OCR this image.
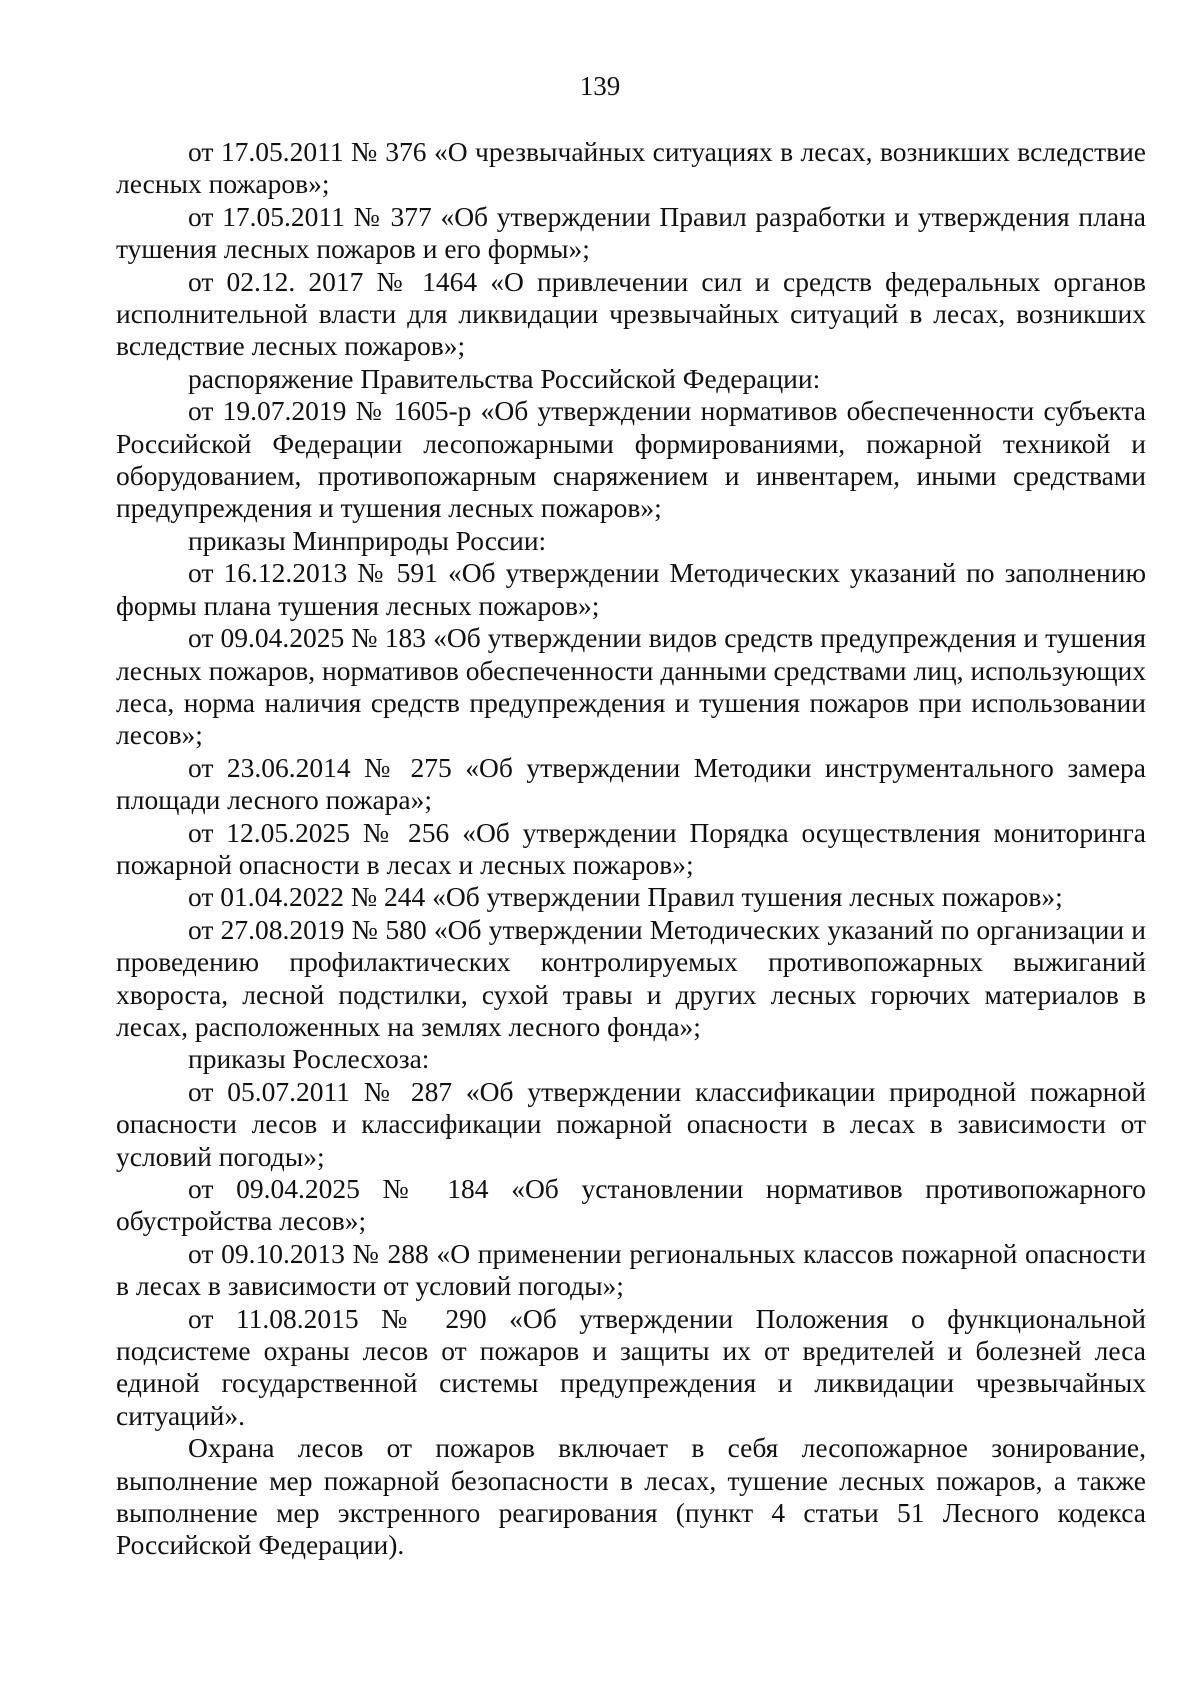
139

от 17.05.2011 № 376 «О чрезвычайных ситуациях в лесах, возникших вследствие лесных пожаров»;

от 17.05.2011 № 377 «Об утверждении Правил разработки и утверждения плана тушения лесных пожаров и его формы»;

от 02.12. 2017 № 1464 «О привлечении сил и средств федеральных органов исполнительной власти для ликвидации чрезвычайных ситуаций в лесах, возникших вследствие лесных пожаров»;

распоряжение Правительства Российской Федерации:

от 19.07.2019 № 1605-р «Об утверждении нормативов обеспеченности субъекта Российской Федерации лесопожарными формированиями, пожарной техникой и оборудованием, противопожарным снаряжением и инвентарем, иными средствами предупреждения и тушения лесных пожаров»;

приказы Минприроды России:

от 16.12.2013 № 591 «Об утверждении Методических указаний по заполнению формы плана тушения лесных пожаров»;

от 09.04.2025 № 183 «Об утверждении видов средств предупреждения и тушения лесных пожаров, нормативов обеспеченности данными средствами лиц, использующих леса, норма наличия средств предупреждения и тушения пожаров при использовании лесов»;

от 23.06.2014 № 275 «Об утверждении Методики инструментального замера площади лесного пожара»;

от 12.05.2025 № 256 «Об утверждении Порядка осуществления мониторинга пожарной опасности в лесах и лесных пожаров»;

от 01.04.2022 № 244 «Об утверждении Правил тушения лесных пожаров»;

от 27.08.2019 № 580 «Об утверждении Методических указаний по организации и проведению профилактических контролируемых противопожарных выжиганий хвороста, лесной подстилки, сухой травы и других лесных горючих материалов в лесах, расположенных на землях лесного фонда»;

приказы Рослесхоза:

от 05.07.2011 № 287 «Об утверждении классификации природной пожарной опасности лесов и классификации пожарной опасности в лесах в зависимости от условий погоды»;

от 09.04.2025 № 184 «Об установлении нормативов противопожарного обустройства лесов»;

от 09.10.2013 № 288 «О применении региональных классов пожарной опасности в лесах в зависимости от условий погоды»;

от 11.08.2015 № 290 «Об утверждении Положения о функциональной подсистеме охраны лесов от пожаров и защиты их от вредителей и болезней леса единой государственной системы предупреждения и ликвидации чрезвычайных ситуаций».

Охрана лесов от пожаров включает в себя лесопожарное зонирование, выполнение мер пожарной безопасности в лесах, тушение лесных пожаров, а также выполнение мер экстренного реагирования (пункт 4 статьи 51 Лесного кодекса Российской Федерации).
